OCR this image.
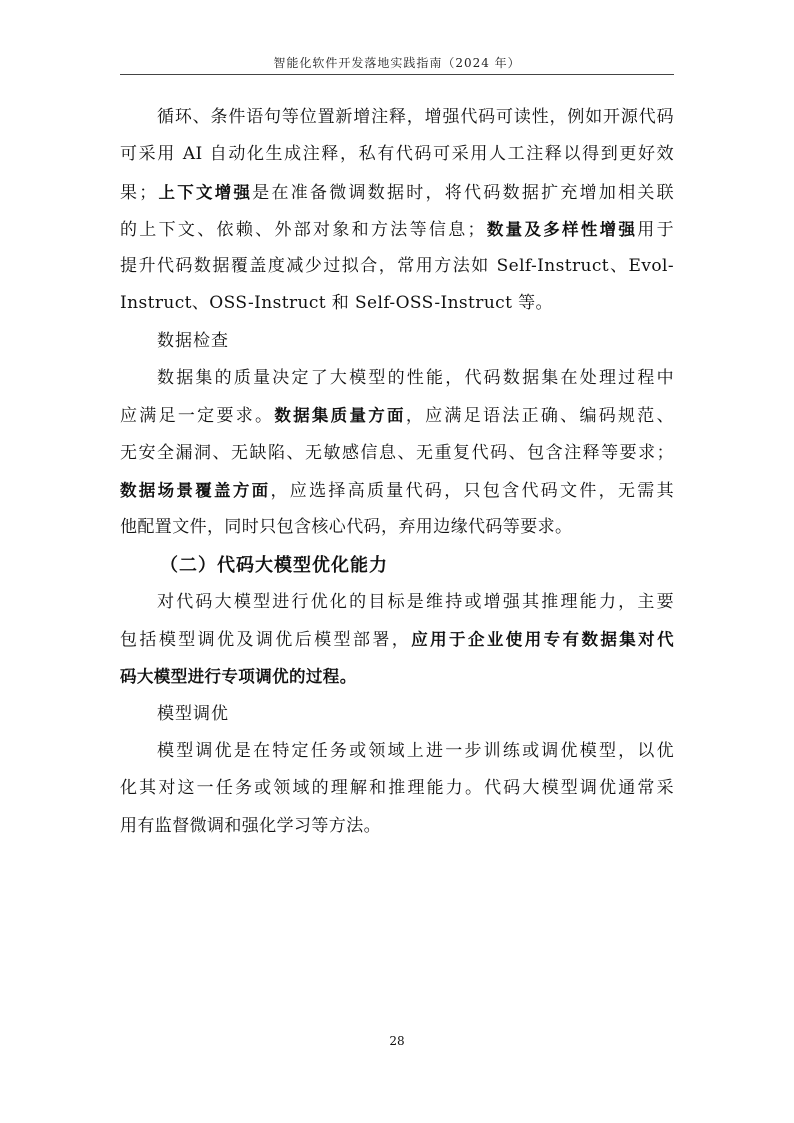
智能化软件开发落地实践指南（2024 年）
循环、条件语句等位置新增注释，增强代码可读性，例如开源代码
可采用 AI 自动化生成注释，私有代码可采用人工注释以得到更好效
果；上下文增强是在准备微调数据时，将代码数据扩充增加相关联
的上下文、依赖、外部对象和方法等信息；数量及多样性增强用于
提升代码数据覆盖度减少过拟合，常用方法如 Self-Instruct、Evol-
Instruct、OSS-Instruct 和 Self-OSS-Instruct 等。
数据检查
数据集的质量决定了大模型的性能，代码数据集在处理过程中
应满足一定要求。数据集质量方面，应满足语法正确、编码规范、
无安全漏洞、无缺陷、无敏感信息、无重复代码、包含注释等要求；
数据场景覆盖方面，应选择高质量代码，只包含代码文件，无需其
他配置文件，同时只包含核心代码，弃用边缘代码等要求。
（二）代码大模型优化能力
对代码大模型进行优化的目标是维持或增强其推理能力，主要
包括模型调优及调优后模型部署，应用于企业使用专有数据集对代
码大模型进行专项调优的过程。
模型调优
模型调优是在特定任务或领域上进一步训练或调优模型，以优
化其对这一任务或领域的理解和推理能力。代码大模型调优通常采
用有监督微调和强化学习等方法。
28
